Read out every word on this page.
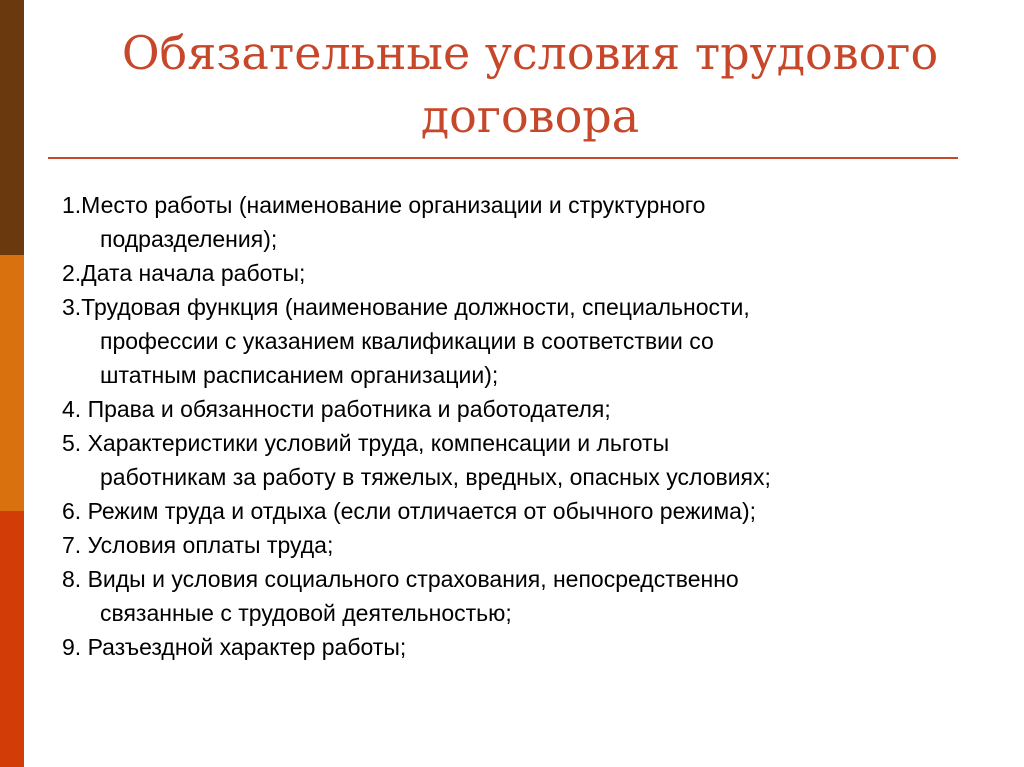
Обязательные условия трудового
договора
1.Место работы (наименование организации и структурного
подразделения);
2.Дата начала работы;
3.Трудовая функция (наименование должности, специальности,
профессии с указанием квалификации в соответствии со
штатным расписанием организации);
4. Права и обязанности работника и работодателя;
5. Характеристики условий труда, компенсации и льготы
работникам за работу в тяжелых, вредных, опасных условиях;
6. Режим труда и отдыха (если отличается от обычного режима);
7. Условия оплаты труда;
8. Виды и условия социального страхования, непосредственно
связанные с трудовой деятельностью;
9. Разъездной характер работы;
